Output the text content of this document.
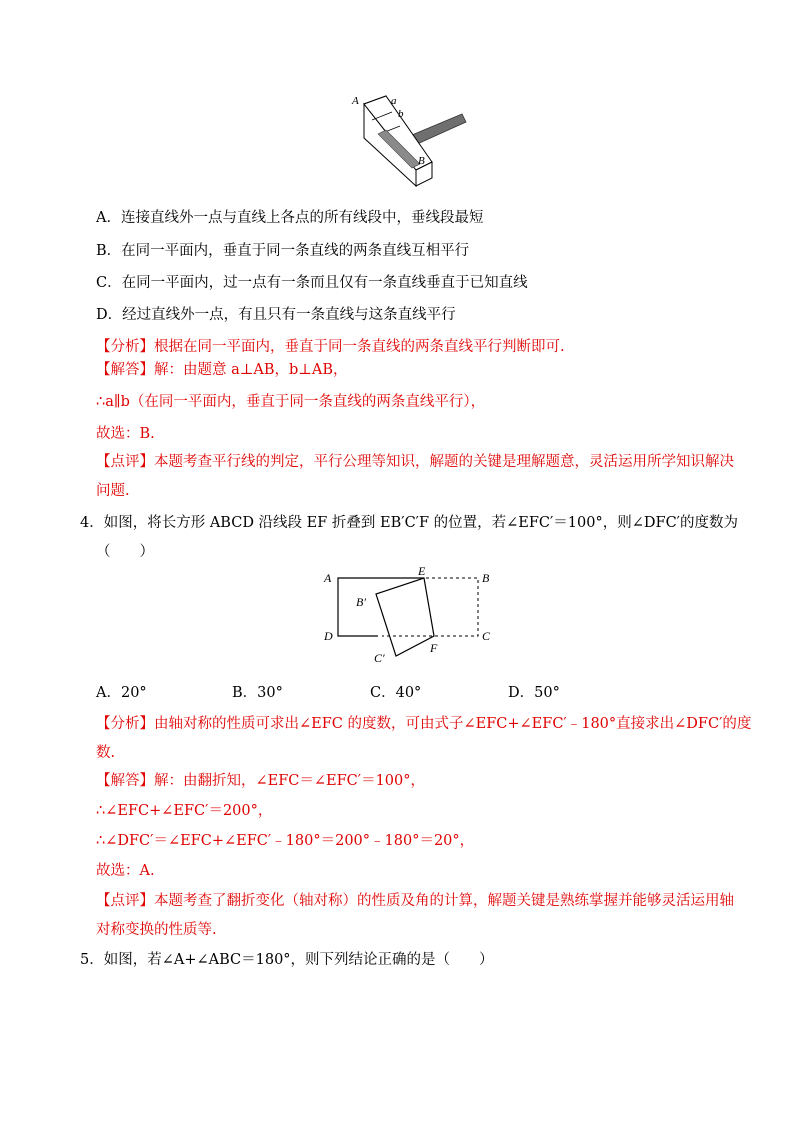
A	a
b
B
A．连接直线外一点与直线上各点的所有线段中，垂线段最短
B．在同一平面内，垂直于同一条直线的两条直线互相平行
C．在同一平面内，过一点有一条而且仅有一条直线垂直于已知直线
D．经过直线外一点，有且只有一条直线与这条直线平行
【分析】根据在同一平面内，垂直于同一条直线的两条直线平行判断即可.
【解答】解：由题意 a⊥AB，b⊥AB，
∴a∥b（在同一平面内，垂直于同一条直线的两条直线平行），
故选：B.
【点评】本题考查平行线的判定，平行公理等知识，解题的关键是理解题意，灵活运用所学知识解决
问题.
4．如图，将长方形 ABCD 沿线段 EF 折叠到 EB′C′F 的位置，若∠EFC′＝100°，则∠DFC′的度数为
（　　）
A	E	B
B′
D	C
F
C′
A．20°	B．30°	C．40°	D．50°
【分析】由轴对称的性质可求出∠EFC 的度数，可由式子∠EFC+∠EFC′﹣180°直接求出∠DFC′的度
数.
【解答】解：由翻折知，∠EFC＝∠EFC′＝100°，
∴∠EFC+∠EFC′＝200°，
∴∠DFC′＝∠EFC+∠EFC′﹣180°＝200°﹣180°＝20°，
故选：A.
【点评】本题考查了翻折变化（轴对称）的性质及角的计算，解题关键是熟练掌握并能够灵活运用轴
对称变换的性质等.
5．如图，若∠A+∠ABC＝180°，则下列结论正确的是（　　）
